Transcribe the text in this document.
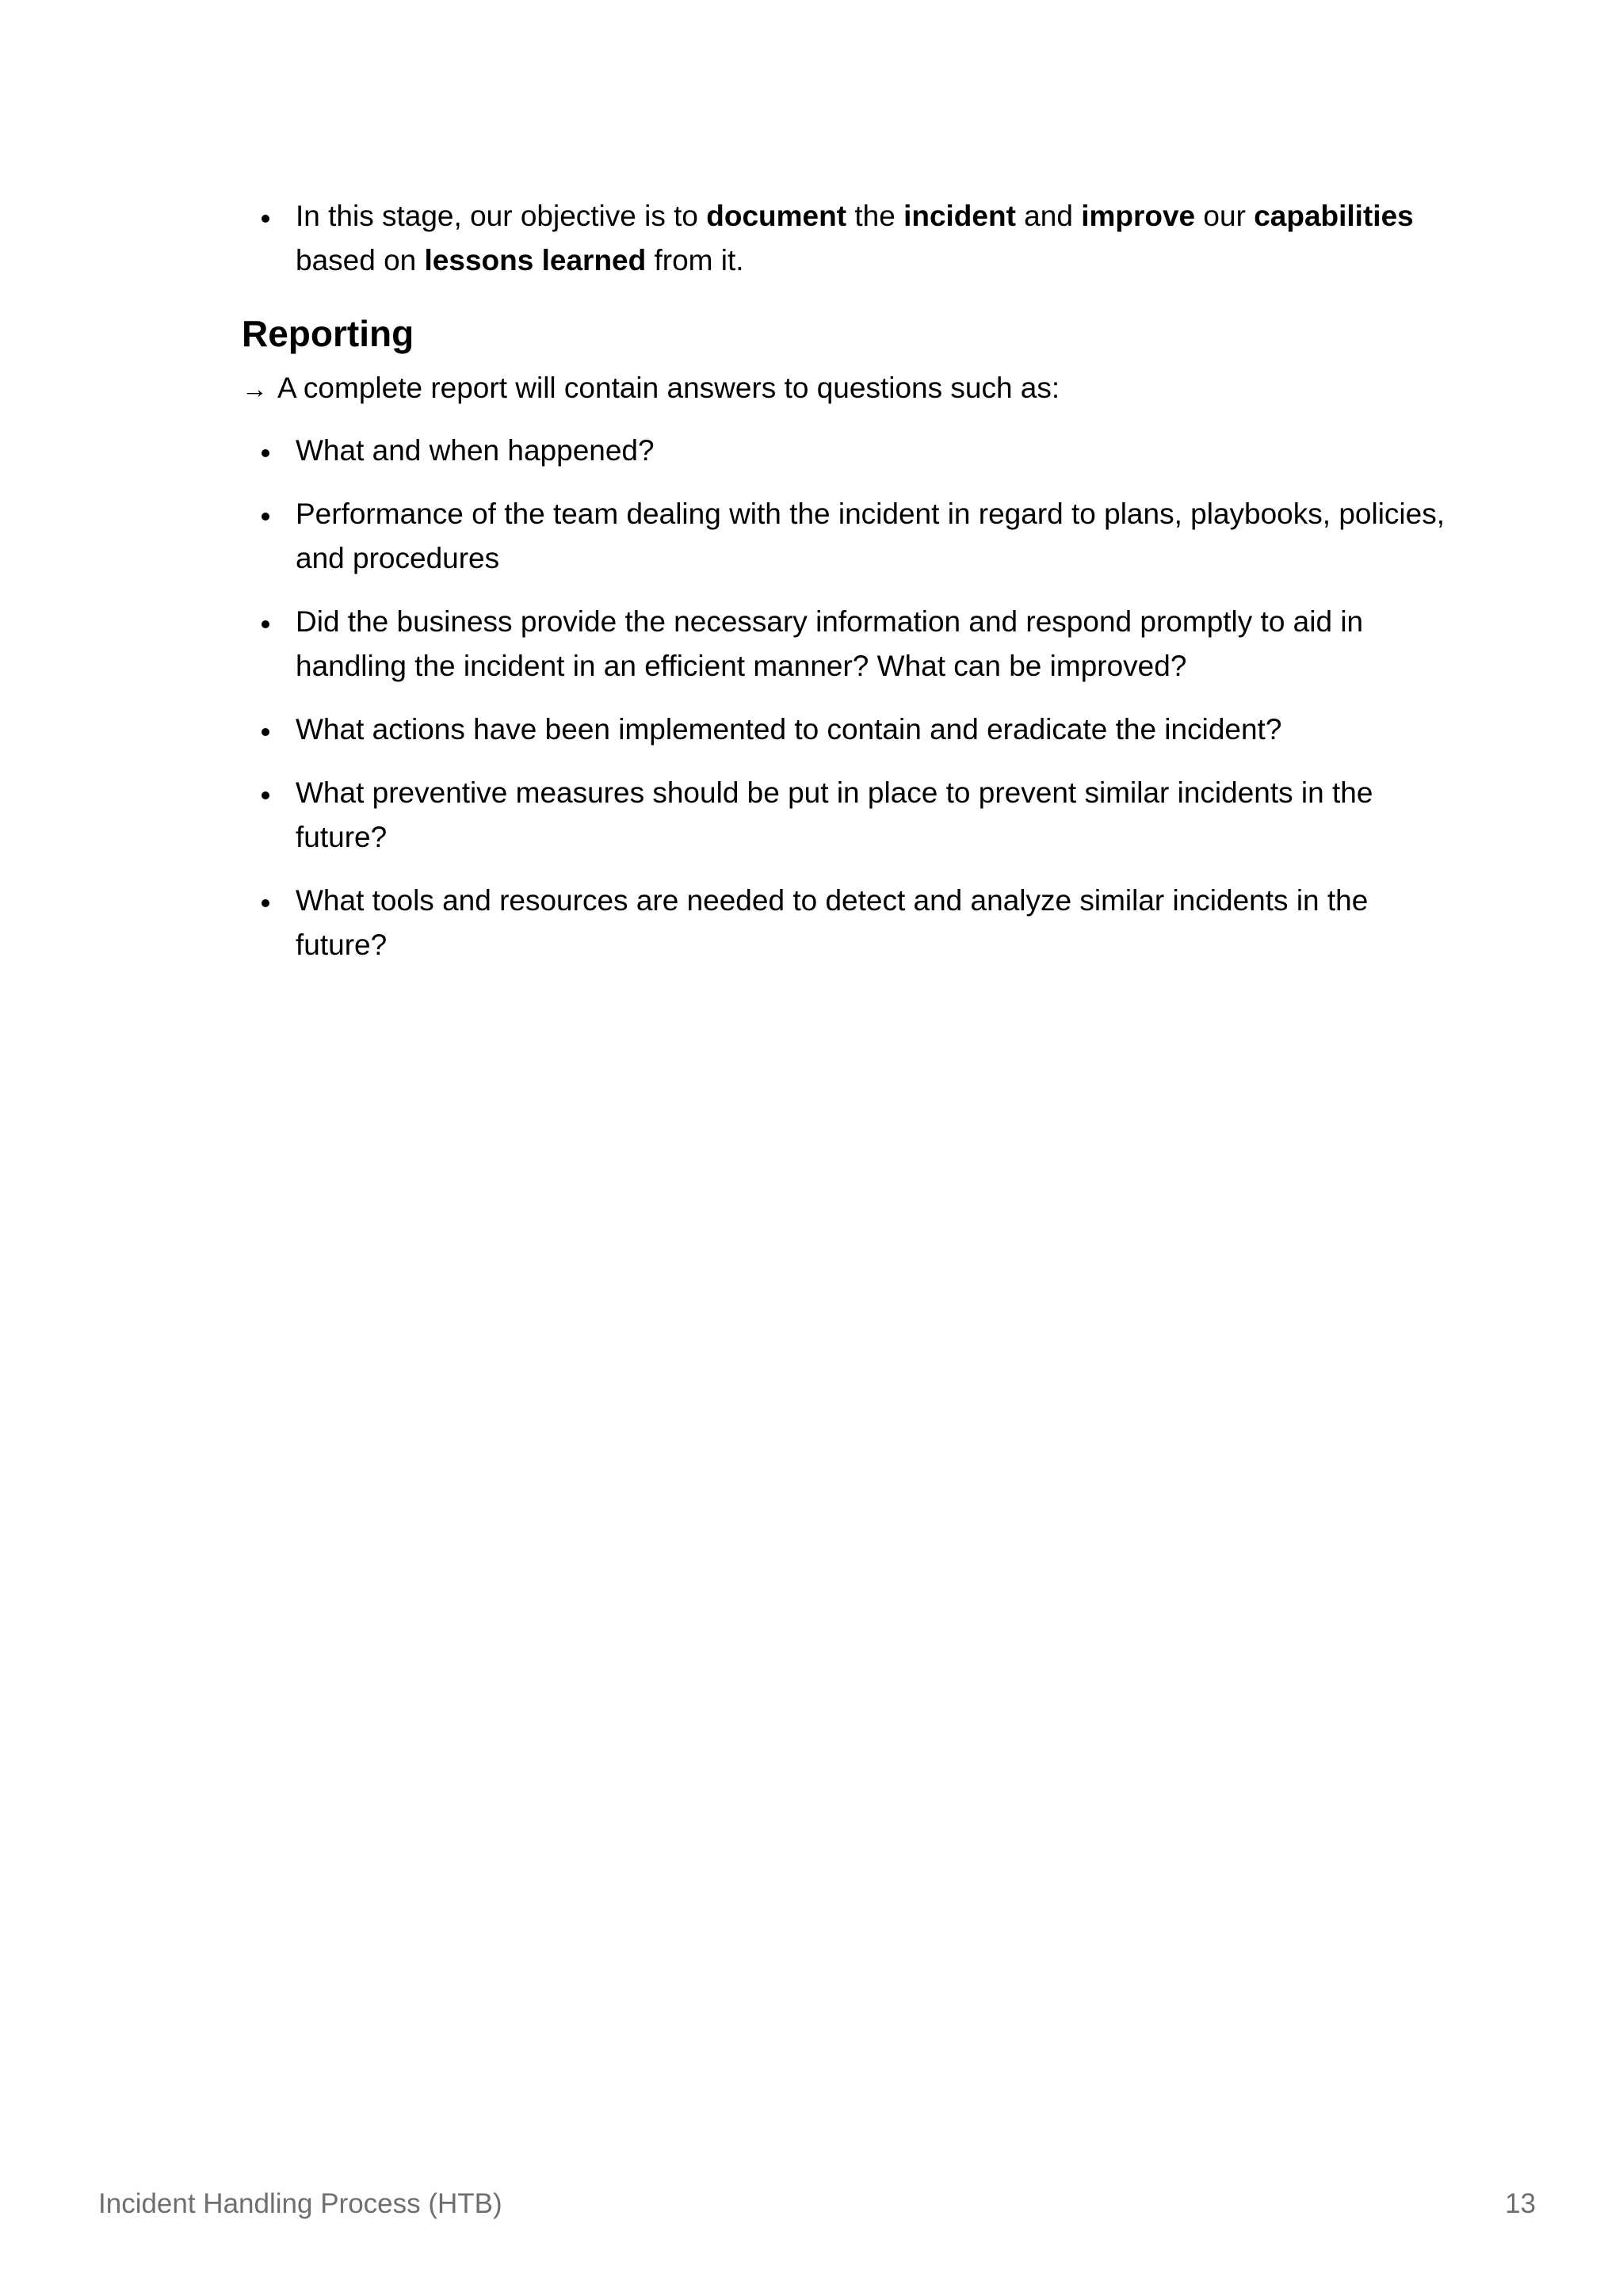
In this stage, our objective is to document the incident and improve our capabilities based on lessons learned from it.
Reporting
→ A complete report will contain answers to questions such as:
What and when happened?
Performance of the team dealing with the incident in regard to plans, playbooks, policies, and procedures
Did the business provide the necessary information and respond promptly to aid in handling the incident in an efficient manner? What can be improved?
What actions have been implemented to contain and eradicate the incident?
What preventive measures should be put in place to prevent similar incidents in the future?
What tools and resources are needed to detect and analyze similar incidents in the future?
Incident Handling Process (HTB)	13
